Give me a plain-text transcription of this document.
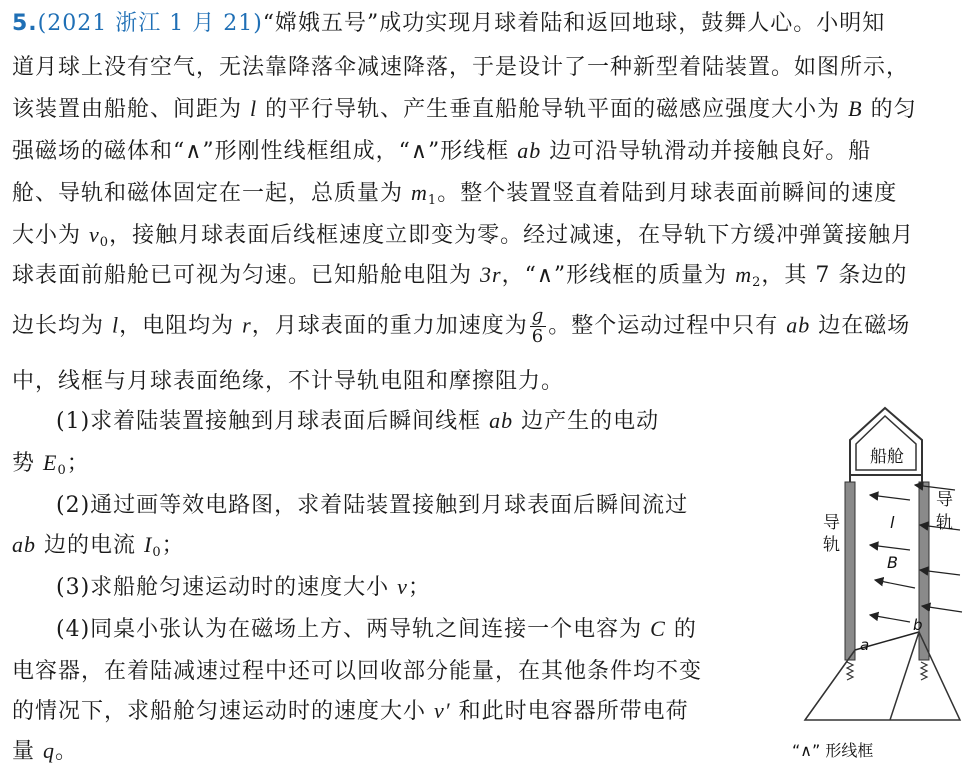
5.(2021 浙江 1 月 21)“嫦娥五号”成功实现月球着陆和返回地球，鼓舞人心。小明知
道月球上没有空气，无法靠降落伞减速降落，于是设计了一种新型着陆装置。如图所示，
该装置由船舱、间距为 l 的平行导轨、产生垂直船舱导轨平面的磁感应强度大小为 B 的匀
强磁场的磁体和“∧”形刚性线框组成，“∧”形线框 ab 边可沿导轨滑动并接触良好。船
舱、导轨和磁体固定在一起，总质量为 $m_1$。整个装置竖直着陆到月球表面前瞬间的速度
大小为 $v_0$，接触月球表面后线框速度立即变为零。经过减速，在导轨下方缓冲弹簧接触月
球表面前船舱已可视为匀速。已知船舱电阻为 3r，“∧”形线框的质量为 $m_2$，其 7 条边的
边长均为 l，电阻均为 r，月球表面的重力加速度为 $\frac{g}{6}$ 。整个运动过程中只有 ab 边在磁场
中，线框与月球表面绝缘，不计导轨电阻和摩擦阻力。
(1)求着陆装置接触到月球表面后瞬间线框 ab 边产生的电动
势 $E_0$；
(2)通过画等效电路图，求着陆装置接触到月球表面后瞬间流过
ab 边的电流 $I_0$；
(3)求船舱匀速运动时的速度大小 v；
(4)同桌小张认为在磁场上方、两导轨之间连接一个电容为 C 的
电容器，在着陆减速过程中还可以回收部分能量，在其他条件均不变
的情况下，求船舱匀速运动时的速度大小 v′ 和此时电容器所带电荷
量 q。
船舱
l
B
导
轨
导
轨
a
b
“∧” 形线框
